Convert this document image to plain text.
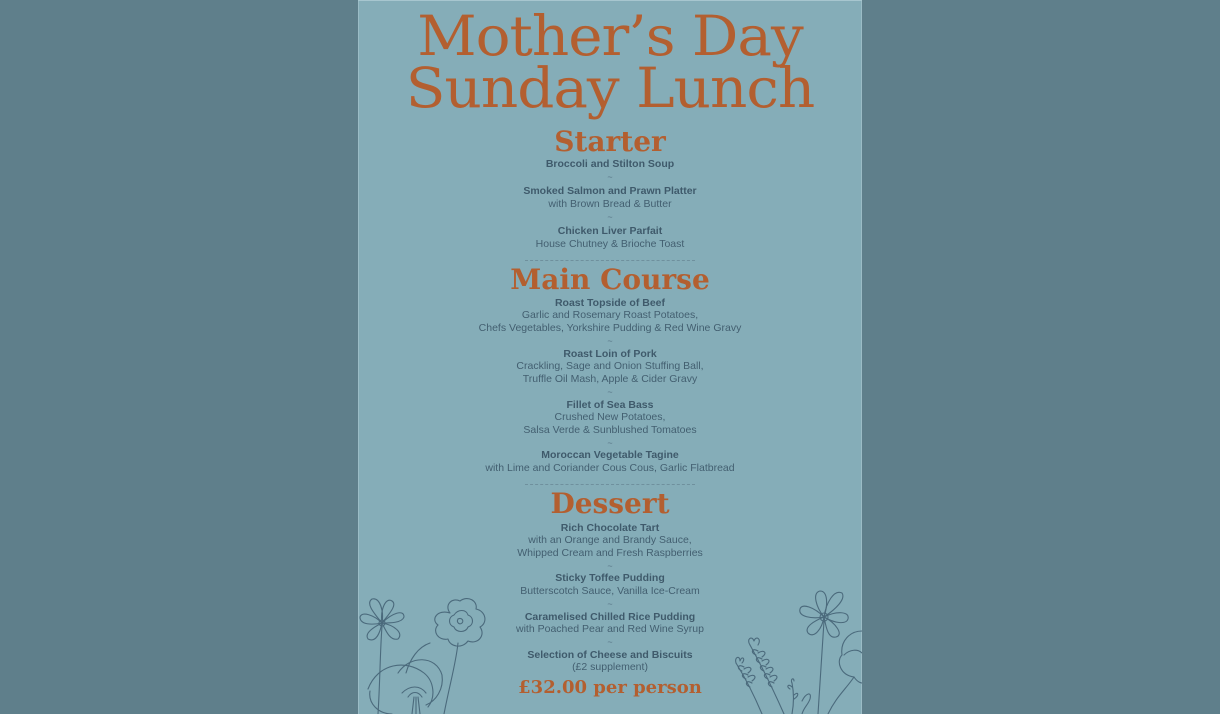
Mother’s Day
Sunday Lunch
Starter
Broccoli and Stilton Soup
~
Smoked Salmon and Prawn Platter
with Brown Bread & Butter
~
Chicken Liver Parfait
House Chutney & Brioche Toast
Main Course
Roast Topside of Beef
Garlic and Rosemary Roast Potatoes,
Chefs Vegetables, Yorkshire Pudding & Red Wine Gravy
~
Roast Loin of Pork
Crackling, Sage and Onion Stuffing Ball,
Truffle Oil Mash, Apple & Cider Gravy
~
Fillet of Sea Bass
Crushed New Potatoes,
Salsa Verde & Sunblushed Tomatoes
~
Moroccan Vegetable Tagine
with Lime and Coriander Cous Cous, Garlic Flatbread
Dessert
Rich Chocolate Tart
with an Orange and Brandy Sauce,
Whipped Cream and Fresh Raspberries
~
Sticky Toffee Pudding
Butterscotch Sauce, Vanilla Ice-Cream
~
Caramelised Chilled Rice Pudding
with Poached Pear and Red Wine Syrup
~
Selection of Cheese and Biscuits
(£2 supplement)
£32.00 per person
